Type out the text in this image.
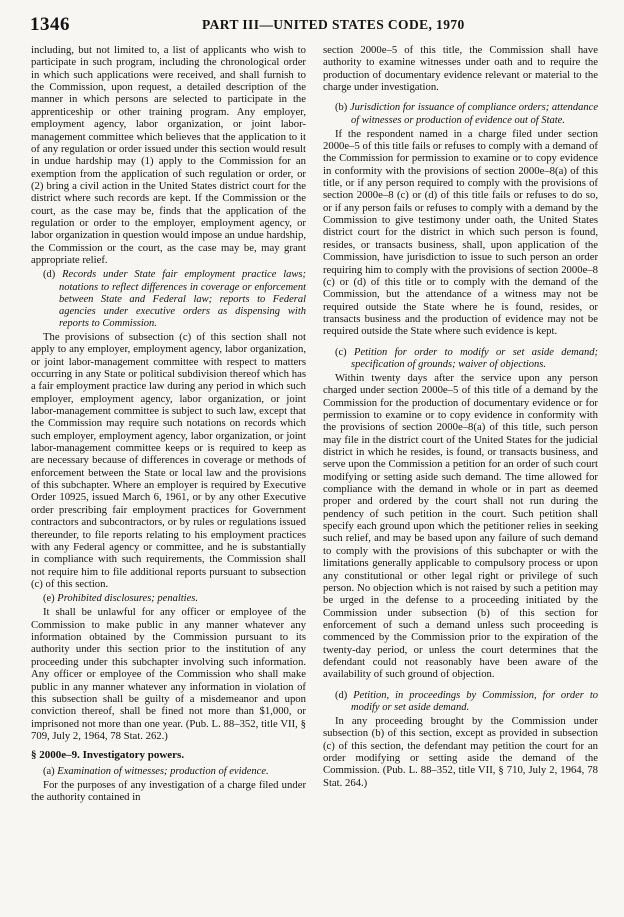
1346	PART III—UNITED STATES CODE, 1970

including, but not limited to, a list of applicants who wish to participate in such program, including the chronological order in which such applications were received, and shall furnish to the Commission, upon request, a detailed description of the manner in which persons are selected to participate in the apprenticeship or other training program. Any employer, employment agency, labor organization, or joint labor-management committee which believes that the application to it of any regulation or order issued under this section would result in undue hardship may (1) apply to the Commission for an exemption from the application of such regulation or order, or (2) bring a civil action in the United States district court for the district where such records are kept. If the Commission or the court, as the case may be, finds that the application of the regulation or order to the employer, employment agency, or labor organization in question would impose an undue hardship, the Commission or the court, as the case may be, may grant appropriate relief.

(d) Records under State fair employment practice laws; notations to reflect differences in coverage or enforcement between State and Federal law; reports to Federal agencies under executive orders as dispensing with reports to Commission.

The provisions of subsection (c) of this section shall not apply to any employer, employment agency, labor organization, or joint labor-management committee with respect to matters occurring in any State or political subdivision thereof which has a fair employment practice law during any period in which such employer, employment agency, labor organization, or joint labor-management committee is subject to such law, except that the Commission may require such notations on records which such employer, employment agency, labor organization, or joint labor-management committee keeps or is required to keep as are necessary because of differences in coverage or methods of enforcement between the State or local law and the provisions of this subchapter. Where an employer is required by Executive Order 10925, issued March 6, 1961, or by any other Executive order prescribing fair employment practices for Government contractors and subcontractors, or by rules or regulations issued thereunder, to file reports relating to his employment practices with any Federal agency or committee, and he is substantially in compliance with such requirements, the Commission shall not require him to file additional reports pursuant to subsection (c) of this section.

(e) Prohibited disclosures; penalties.

It shall be unlawful for any officer or employee of the Commission to make public in any manner whatever any information obtained by the Commission pursuant to its authority under this section prior to the institution of any proceeding under this subchapter involving such information. Any officer or employee of the Commission who shall make public in any manner whatever any information in violation of this subsection shall be guilty of a misdemeanor and upon conviction thereof, shall be fined not more than $1,000, or imprisoned not more than one year. (Pub. L. 88–352, title VII, § 709, July 2, 1964, 78 Stat. 262.)

§ 2000e–9. Investigatory powers.
(a) Examination of witnesses; production of evidence.

For the purposes of any investigation of a charge filed under the authority contained in

section 2000e–5 of this title, the Commission shall have authority to examine witnesses under oath and to require the production of documentary evidence relevant or material to the charge under investigation.

(b) Jurisdiction for issuance of compliance orders; attendance of witnesses or production of evidence out of State.

If the respondent named in a charge filed under section 2000e–5 of this title fails or refuses to comply with a demand of the Commission for permission to examine or to copy evidence in conformity with the provisions of section 2000e–8(a) of this title, or if any person required to comply with the provisions of section 2000e–8 (c) or (d) of this title fails or refuses to do so, or if any person fails or refuses to comply with a demand by the Commission to give testimony under oath, the United States district court for the district in which such person is found, resides, or transacts business, shall, upon application of the Commission, have jurisdiction to issue to such person an order requiring him to comply with the provisions of section 2000e–8 (c) or (d) of this title or to comply with the demand of the Commission, but the attendance of a witness may not be required outside the State where he is found, resides, or transacts business and the production of evidence may not be required outside the State where such evidence is kept.

(c) Petition for order to modify or set aside demand; specification of grounds; waiver of objections.

Within twenty days after the service upon any person charged under section 2000e–5 of this title of a demand by the Commission for the production of documentary evidence or for permission to examine or to copy evidence in conformity with the provisions of section 2000e–8(a) of this title, such person may file in the district court of the United States for the judicial district in which he resides, is found, or transacts business, and serve upon the Commission a petition for an order of such court modifying or setting aside such demand. The time allowed for compliance with the demand in whole or in part as deemed proper and ordered by the court shall not run during the pendency of such petition in the court. Such petition shall specify each ground upon which the petitioner relies in seeking such relief, and may be based upon any failure of such demand to comply with the provisions of this subchapter or with the limitations generally applicable to compulsory process or upon any constitutional or other legal right or privilege of such person. No objection which is not raised by such a petition may be urged in the defense to a proceeding initiated by the Commission under subsection (b) of this section for enforcement of such a demand unless such proceeding is commenced by the Commission prior to the expiration of the twenty-day period, or unless the court determines that the defendant could not reasonably have been aware of the availability of such ground of objection.

(d) Petition, in proceedings by Commission, for order to modify or set aside demand.

In any proceeding brought by the Commission under subsection (b) of this section, except as provided in subsection (c) of this section, the defendant may petition the court for an order modifying or setting aside the demand of the Commission. (Pub. L. 88–352, title VII, § 710, July 2, 1964, 78 Stat. 264.)
